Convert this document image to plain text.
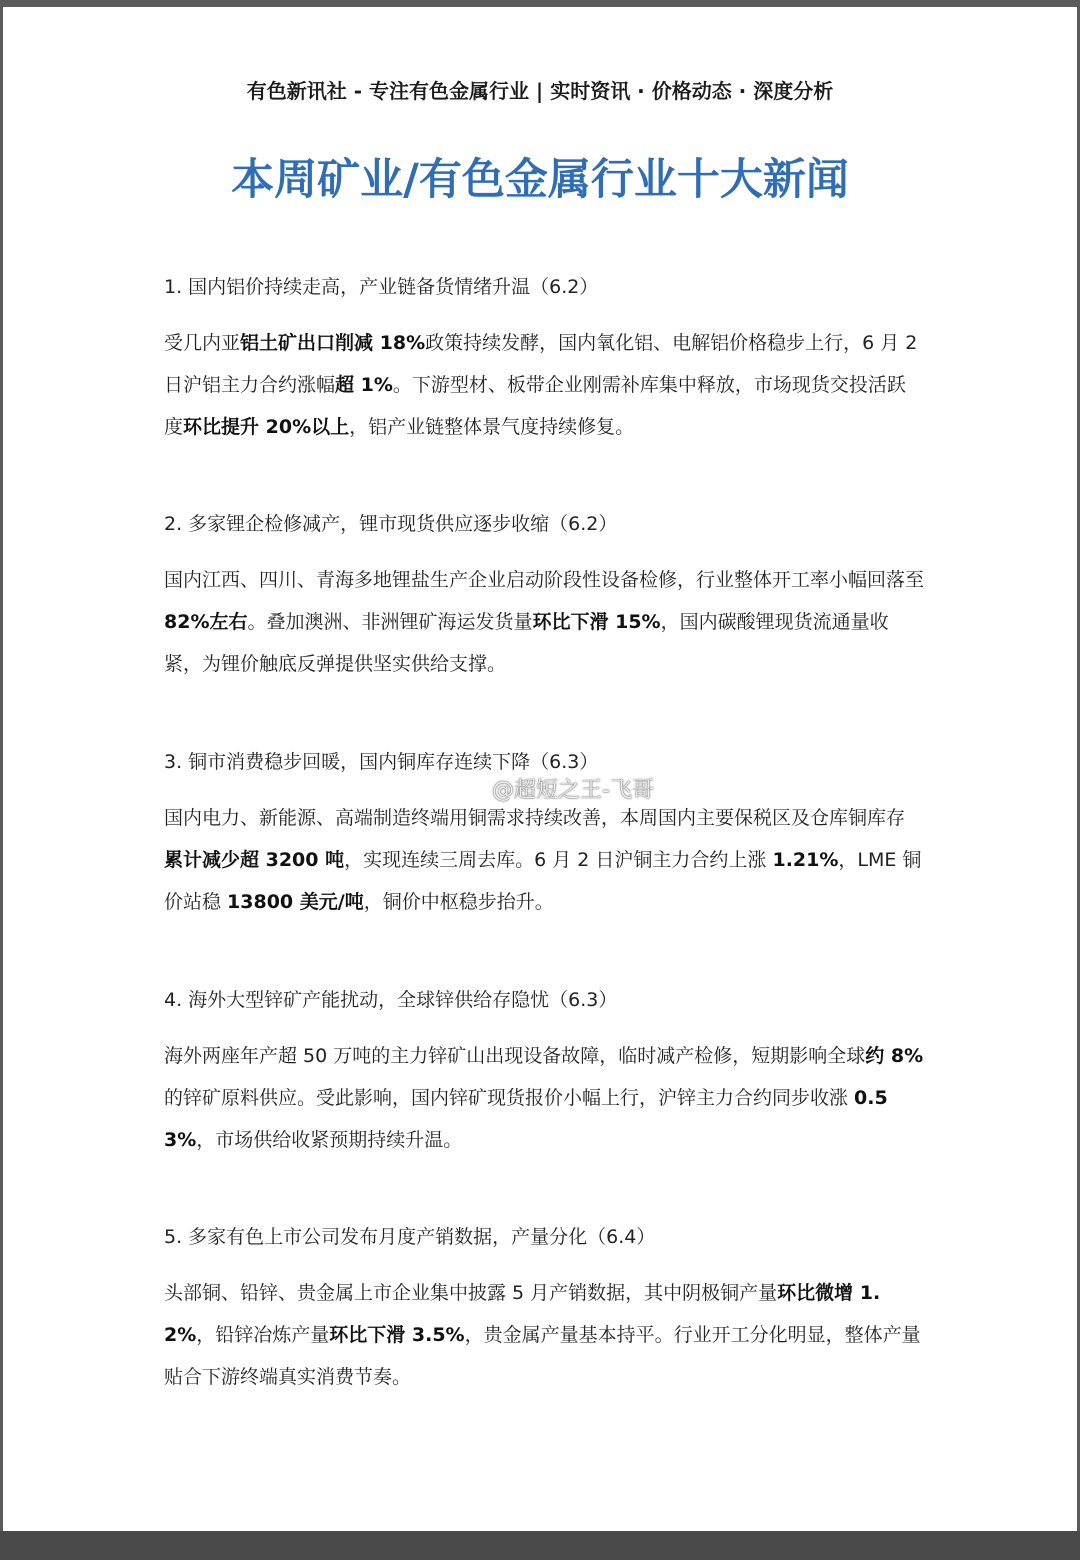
有色新讯社 - 专注有色金属行业 | 实时资讯 · 价格动态 · 深度分析
本周矿业/有色金属行业十大新闻
1. 国内铝价持续走高，产业链备货情绪升温（6.2）

受几内亚铝土矿出口削减 18%政策持续发酵，国内氧化铝、电解铝价格稳步上行，6 月 2 日沪铝主力合约涨幅超 1%。下游型材、板带企业刚需补库集中释放，市场现货交投活跃度环比提升 20%以上，铝产业链整体景气度持续修复。

2. 多家锂企检修减产，锂市现货供应逐步收缩（6.2）

国内江西、四川、青海多地锂盐生产企业启动阶段性设备检修，行业整体开工率小幅回落至 82%左右。叠加澳洲、非洲锂矿海运发货量环比下滑 15%，国内碳酸锂现货流通量收紧，为锂价触底反弹提供坚实供给支撑。

3. 铜市消费稳步回暖，国内铜库存连续下降（6.3）

国内电力、新能源、高端制造终端用铜需求持续改善，本周国内主要保税区及仓库铜库存累计减少超 3200 吨，实现连续三周去库。6 月 2 日沪铜主力合约上涨 1.21%，LME 铜价站稳 13800 美元/吨，铜价中枢稳步抬升。

4. 海外大型锌矿产能扰动，全球锌供给存隐忧（6.3）

海外两座年产超 50 万吨的主力锌矿山出现设备故障，临时减产检修，短期影响全球约 8%的锌矿原料供应。受此影响，国内锌矿现货报价小幅上行，沪锌主力合约同步收涨 0.53%，市场供给收紧预期持续升温。

5. 多家有色上市公司发布月度产销数据，产量分化（6.4）

头部铜、铅锌、贵金属上市企业集中披露 5 月产销数据，其中阴极铜产量环比微增 1.2%，铅锌冶炼产量环比下滑 3.5%，贵金属产量基本持平。行业开工分化明显，整体产量贴合下游终端真实消费节奏。

@超短之王-飞哥
